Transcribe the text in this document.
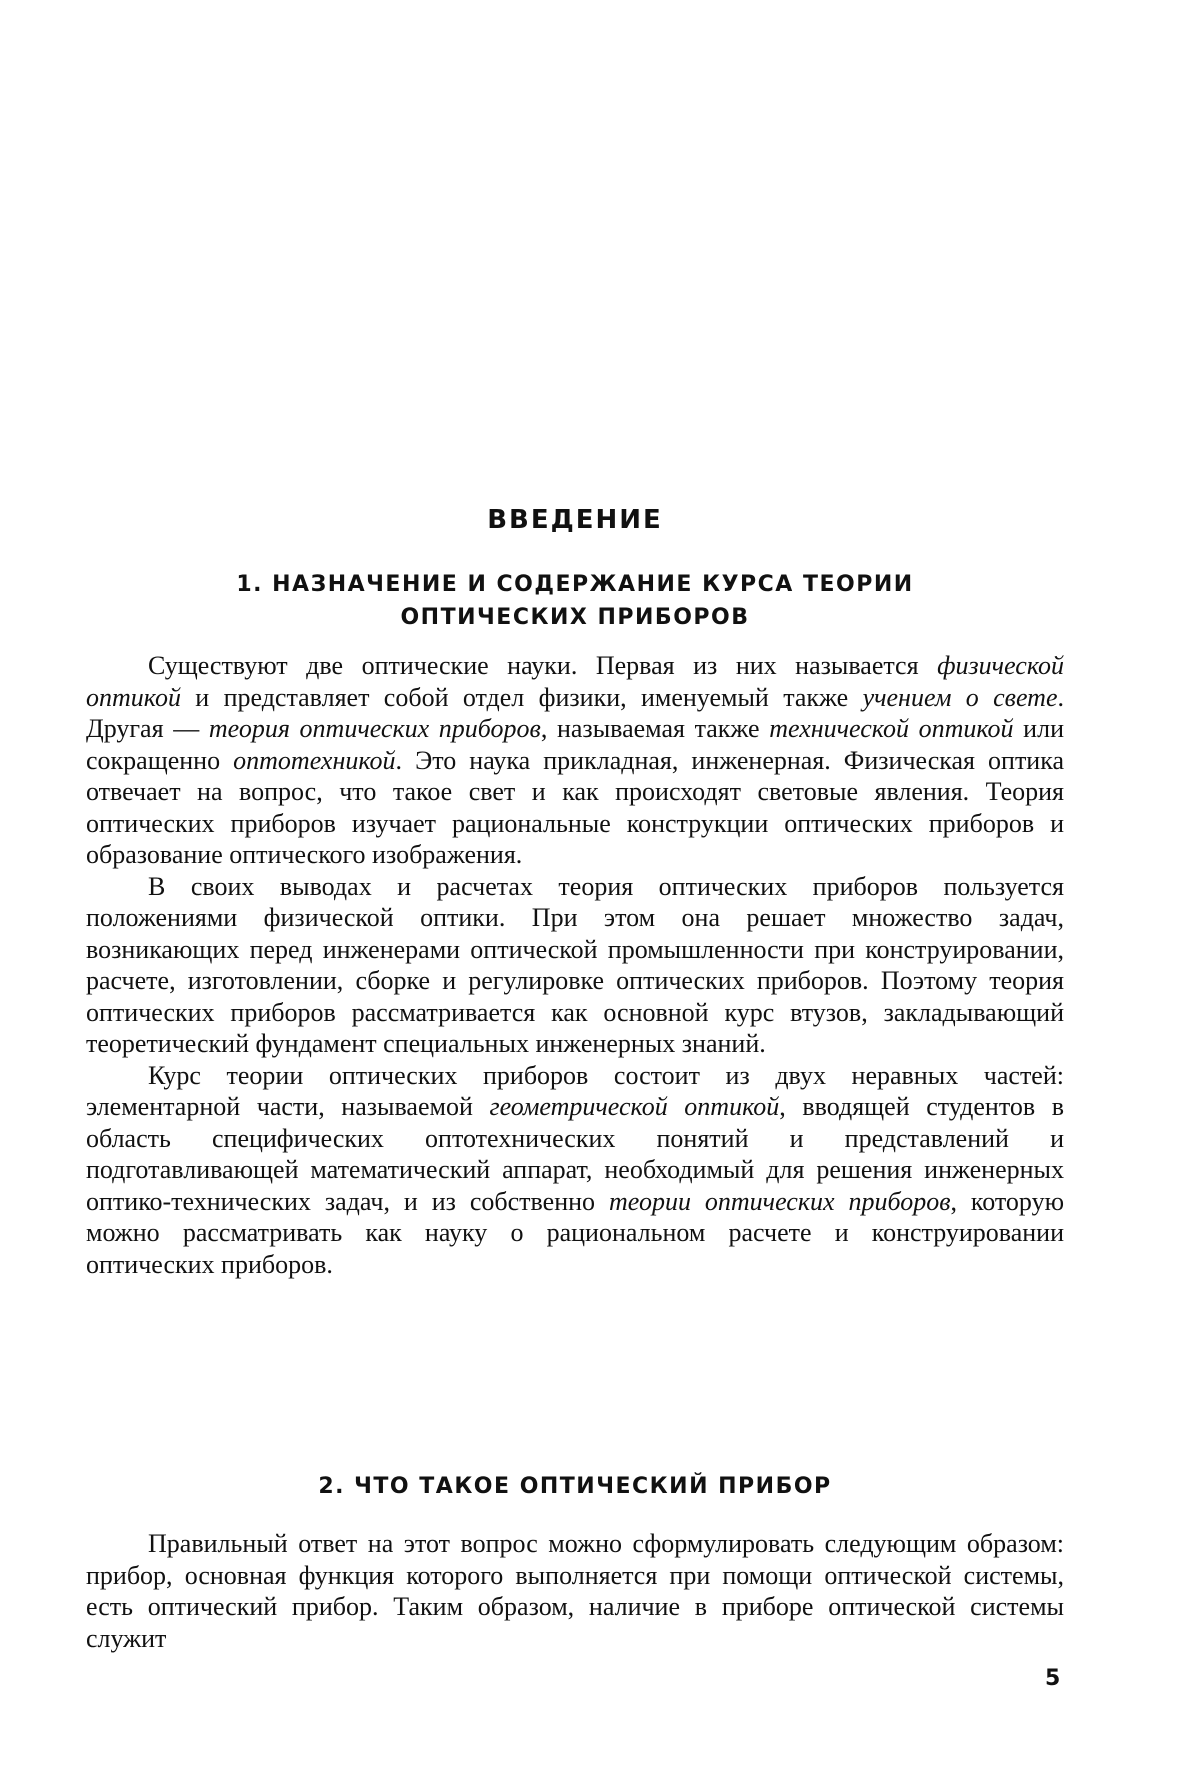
ВВЕДЕНИЕ
1. НАЗНАЧЕНИЕ И СОДЕРЖАНИЕ КУРСА ТЕОРИИ ОПТИЧЕСКИХ ПРИБОРОВ

Существуют две оптические науки. Первая из них называется физической оптикой и представляет собой отдел физики, именуемый также учением о свете. Другая — теория оптических приборов, называемая также технической оптикой или сокращенно оптотехникой. Это наука прикладная, инженерная. Физическая оптика отвечает на вопрос, что такое свет и как происходят световые явления. Теория оптических приборов изучает рациональные конструкции оптических приборов и образование оптического изображения.

В своих выводах и расчетах теория оптических приборов пользуется положениями физической оптики. При этом она решает множество задач, возникающих перед инженерами оптической промышленности при конструировании, расчете, изготовлении, сборке и регулировке оптических приборов. Поэтому теория оптических приборов рассматривается как основной курс втузов, закладывающий теоретический фундамент специальных инженерных знаний.

Курс теории оптических приборов состоит из двух неравных частей: элементарной части, называемой геометрической оптикой, вводящей студентов в область специфических оптотехнических понятий и представлений и подготавливающей математический аппарат, необходимый для решения инженерных оптико-технических задач, и из собственно теории оптических приборов, которую можно рассматривать как науку о рациональном расчете и конструировании оптических приборов.

2. ЧТО ТАКОЕ ОПТИЧЕСКИЙ ПРИБОР

Правильный ответ на этот вопрос можно сформулировать следующим образом: прибор, основная функция которого выполняется при помощи оптической системы, есть оптический прибор. Таким образом, наличие в приборе оптической системы служит

5
